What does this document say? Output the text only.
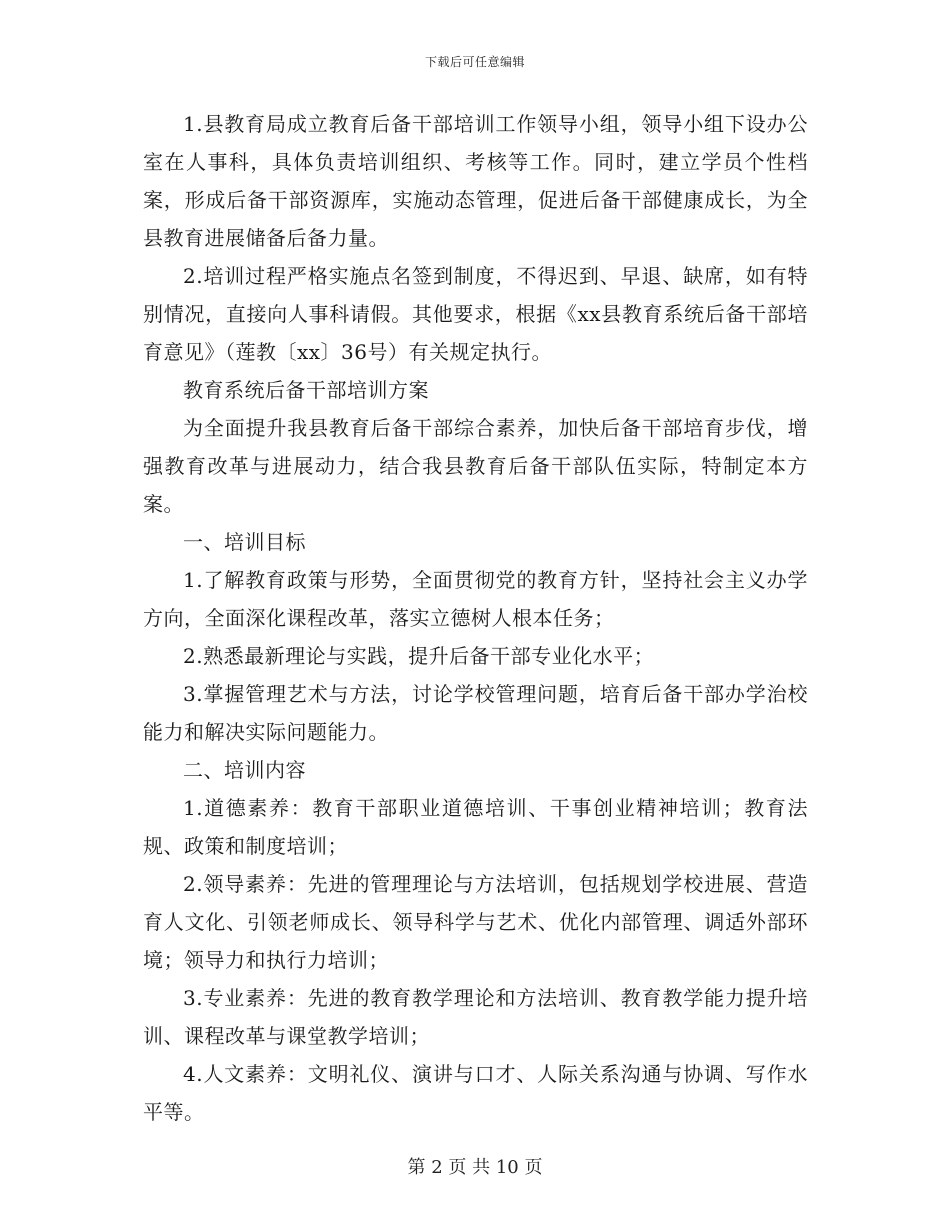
下载后可任意编辑

1.县教育局成立教育后备干部培训工作领导小组，领导小组下设办公室在人事科，具体负责培训组织、考核等工作。同时，建立学员个性档案，形成后备干部资源库，实施动态管理，促进后备干部健康成长，为全县教育进展储备后备力量。

2.培训过程严格实施点名签到制度，不得迟到、早退、缺席，如有特别情况，直接向人事科请假。其他要求，根据《xx县教育系统后备干部培育意见》（莲教〔xx〕36号）有关规定执行。

教育系统后备干部培训方案

为全面提升我县教育后备干部综合素养，加快后备干部培育步伐，增强教育改革与进展动力，结合我县教育后备干部队伍实际，特制定本方案。

一、培训目标

1.了解教育政策与形势，全面贯彻党的教育方针，坚持社会主义办学方向，全面深化课程改革，落实立德树人根本任务；

2.熟悉最新理论与实践，提升后备干部专业化水平；

3.掌握管理艺术与方法，讨论学校管理问题，培育后备干部办学治校能力和解决实际问题能力。

二、培训内容

1.道德素养：教育干部职业道德培训、干事创业精神培训；教育法规、政策和制度培训；

2.领导素养：先进的管理理论与方法培训，包括规划学校进展、营造育人文化、引领老师成长、领导科学与艺术、优化内部管理、调适外部环境；领导力和执行力培训；

3.专业素养：先进的教育教学理论和方法培训、教育教学能力提升培训、课程改革与课堂教学培训；

4.人文素养：文明礼仪、演讲与口才、人际关系沟通与协调、写作水平等。

第 2 页 共 10 页
